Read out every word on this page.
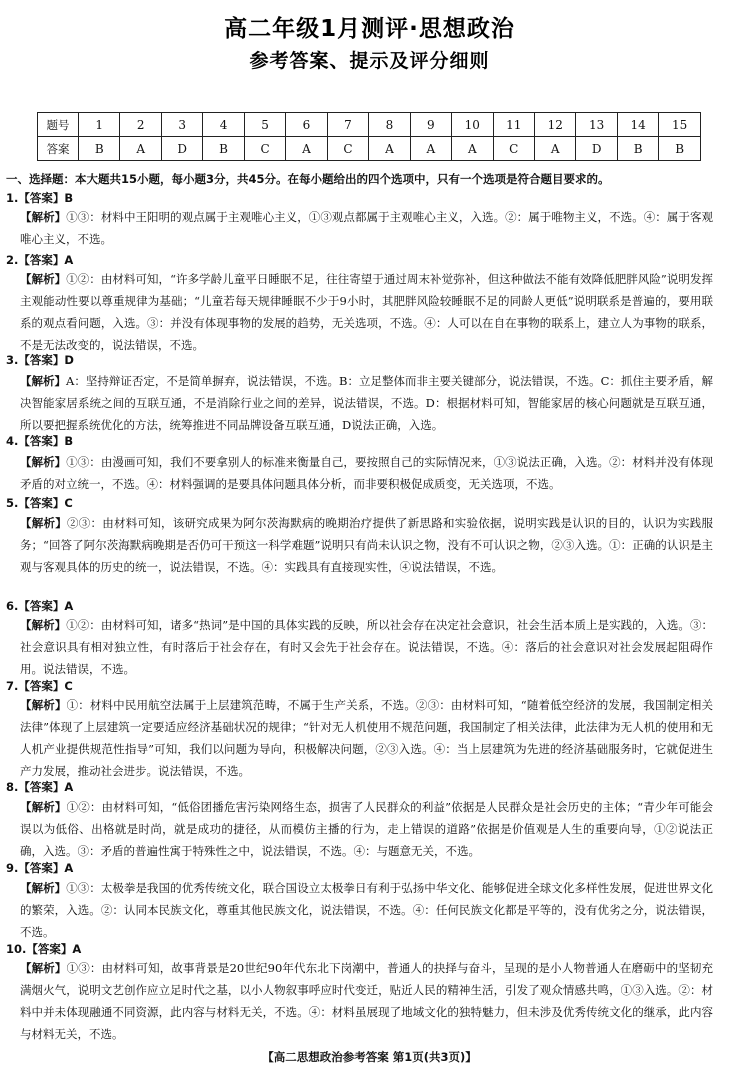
高二年级1月测评·思想政治
参考答案、提示及评分细则
题号	1	2	3	4	5	6	7	8	9	10	11	12	13	14	15
答案	B	A	D	B	C	A	C	A	A	A	C	A	D	B	B
一、选择题：本大题共15小题，每小题3分，共45分。在每小题给出的四个选项中，只有一个选项是符合题目要求的。
1.【答案】B
【解析】①③：材料中王阳明的观点属于主观唯心主义，①③观点都属于主观唯心主义，入选。②：属于唯物主义，不选。④：属于客观唯心主义，不选。
2.【答案】A
【解析】①②：由材料可知，“许多学龄儿童平日睡眠不足，往往寄望于通过周末补觉弥补，但这种做法不能有效降低肥胖风险”说明发挥主观能动性要以尊重规律为基础；“儿童若每天规律睡眠不少于9小时，其肥胖风险较睡眠不足的同龄人更低”说明联系是普遍的，要用联系的观点看问题，入选。③：并没有体现事物的发展的趋势，无关选项，不选。④：人可以在自在事物的联系上，建立人为事物的联系，不是无法改变的，说法错误，不选。
3.【答案】D
【解析】A：坚持辩证否定，不是简单摒弃，说法错误，不选。B：立足整体而非主要关键部分，说法错误，不选。C：抓住主要矛盾，解决智能家居系统之间的互联互通，不是消除行业之间的差异，说法错误，不选。D：根据材料可知，智能家居的核心问题就是互联互通，所以要把握系统优化的方法，统筹推进不同品牌设备互联互通，D说法正确，入选。
4.【答案】B
【解析】①③：由漫画可知，我们不要拿别人的标准来衡量自己，要按照自己的实际情况来，①③说法正确，入选。②：材料并没有体现矛盾的对立统一，不选。④：材料强调的是要具体问题具体分析，而非要积极促成质变，无关选项，不选。
5.【答案】C
【解析】②③：由材料可知，该研究成果为阿尔茨海默病的晚期治疗提供了新思路和实验依据，说明实践是认识的目的，认识为实践服务；“回答了阿尔茨海默病晚期是否仍可干预这一科学难题”说明只有尚未认识之物，没有不可认识之物，②③入选。①：正确的认识是主观与客观具体的历史的统一，说法错误，不选。④：实践具有直接现实性，④说法错误，不选。
6.【答案】A
【解析】①②：由材料可知，诸多“热词”是中国的具体实践的反映，所以社会存在决定社会意识，社会生活本质上是实践的，入选。③：社会意识具有相对独立性，有时落后于社会存在，有时又会先于社会存在。说法错误，不选。④：落后的社会意识对社会发展起阻碍作用。说法错误，不选。
7.【答案】C
【解析】①：材料中民用航空法属于上层建筑范畴，不属于生产关系，不选。②③：由材料可知，“随着低空经济的发展，我国制定相关法律”体现了上层建筑一定要适应经济基础状况的规律；“针对无人机使用不规范问题，我国制定了相关法律，此法律为无人机的使用和无人机产业提供规范性指导”可知，我们以问题为导向，积极解决问题，②③入选。④：当上层建筑为先进的经济基础服务时，它就促进生产力发展，推动社会进步。说法错误，不选。
8.【答案】A
【解析】①②：由材料可知，“低俗团播危害污染网络生态，损害了人民群众的利益”依据是人民群众是社会历史的主体；“青少年可能会误以为低俗、出格就是时尚，就是成功的捷径，从而模仿主播的行为，走上错误的道路”依据是价值观是人生的重要向导，①②说法正确，入选。③：矛盾的普遍性寓于特殊性之中，说法错误，不选。④：与题意无关，不选。
9.【答案】A
【解析】①③：太极拳是我国的优秀传统文化，联合国设立太极拳日有利于弘扬中华文化、能够促进全球文化多样性发展，促进世界文化的繁荣，入选。②：认同本民族文化，尊重其他民族文化，说法错误，不选。④：任何民族文化都是平等的，没有优劣之分，说法错误，不选。
10.【答案】A
【解析】①③：由材料可知，故事背景是20世纪90年代东北下岗潮中，普通人的抉择与奋斗，呈现的是小人物普通人在磨砺中的坚韧充满烟火气，说明文艺创作应立足时代之基，以小人物叙事呼应时代变迁，贴近人民的精神生活，引发了观众情感共鸣，①③入选。②：材料中并未体现融通不同资源，此内容与材料无关，不选。④：材料虽展现了地域文化的独特魅力，但未涉及优秀传统文化的继承，此内容与材料无关，不选。
【高二思想政治参考答案 第1页(共3页)】
